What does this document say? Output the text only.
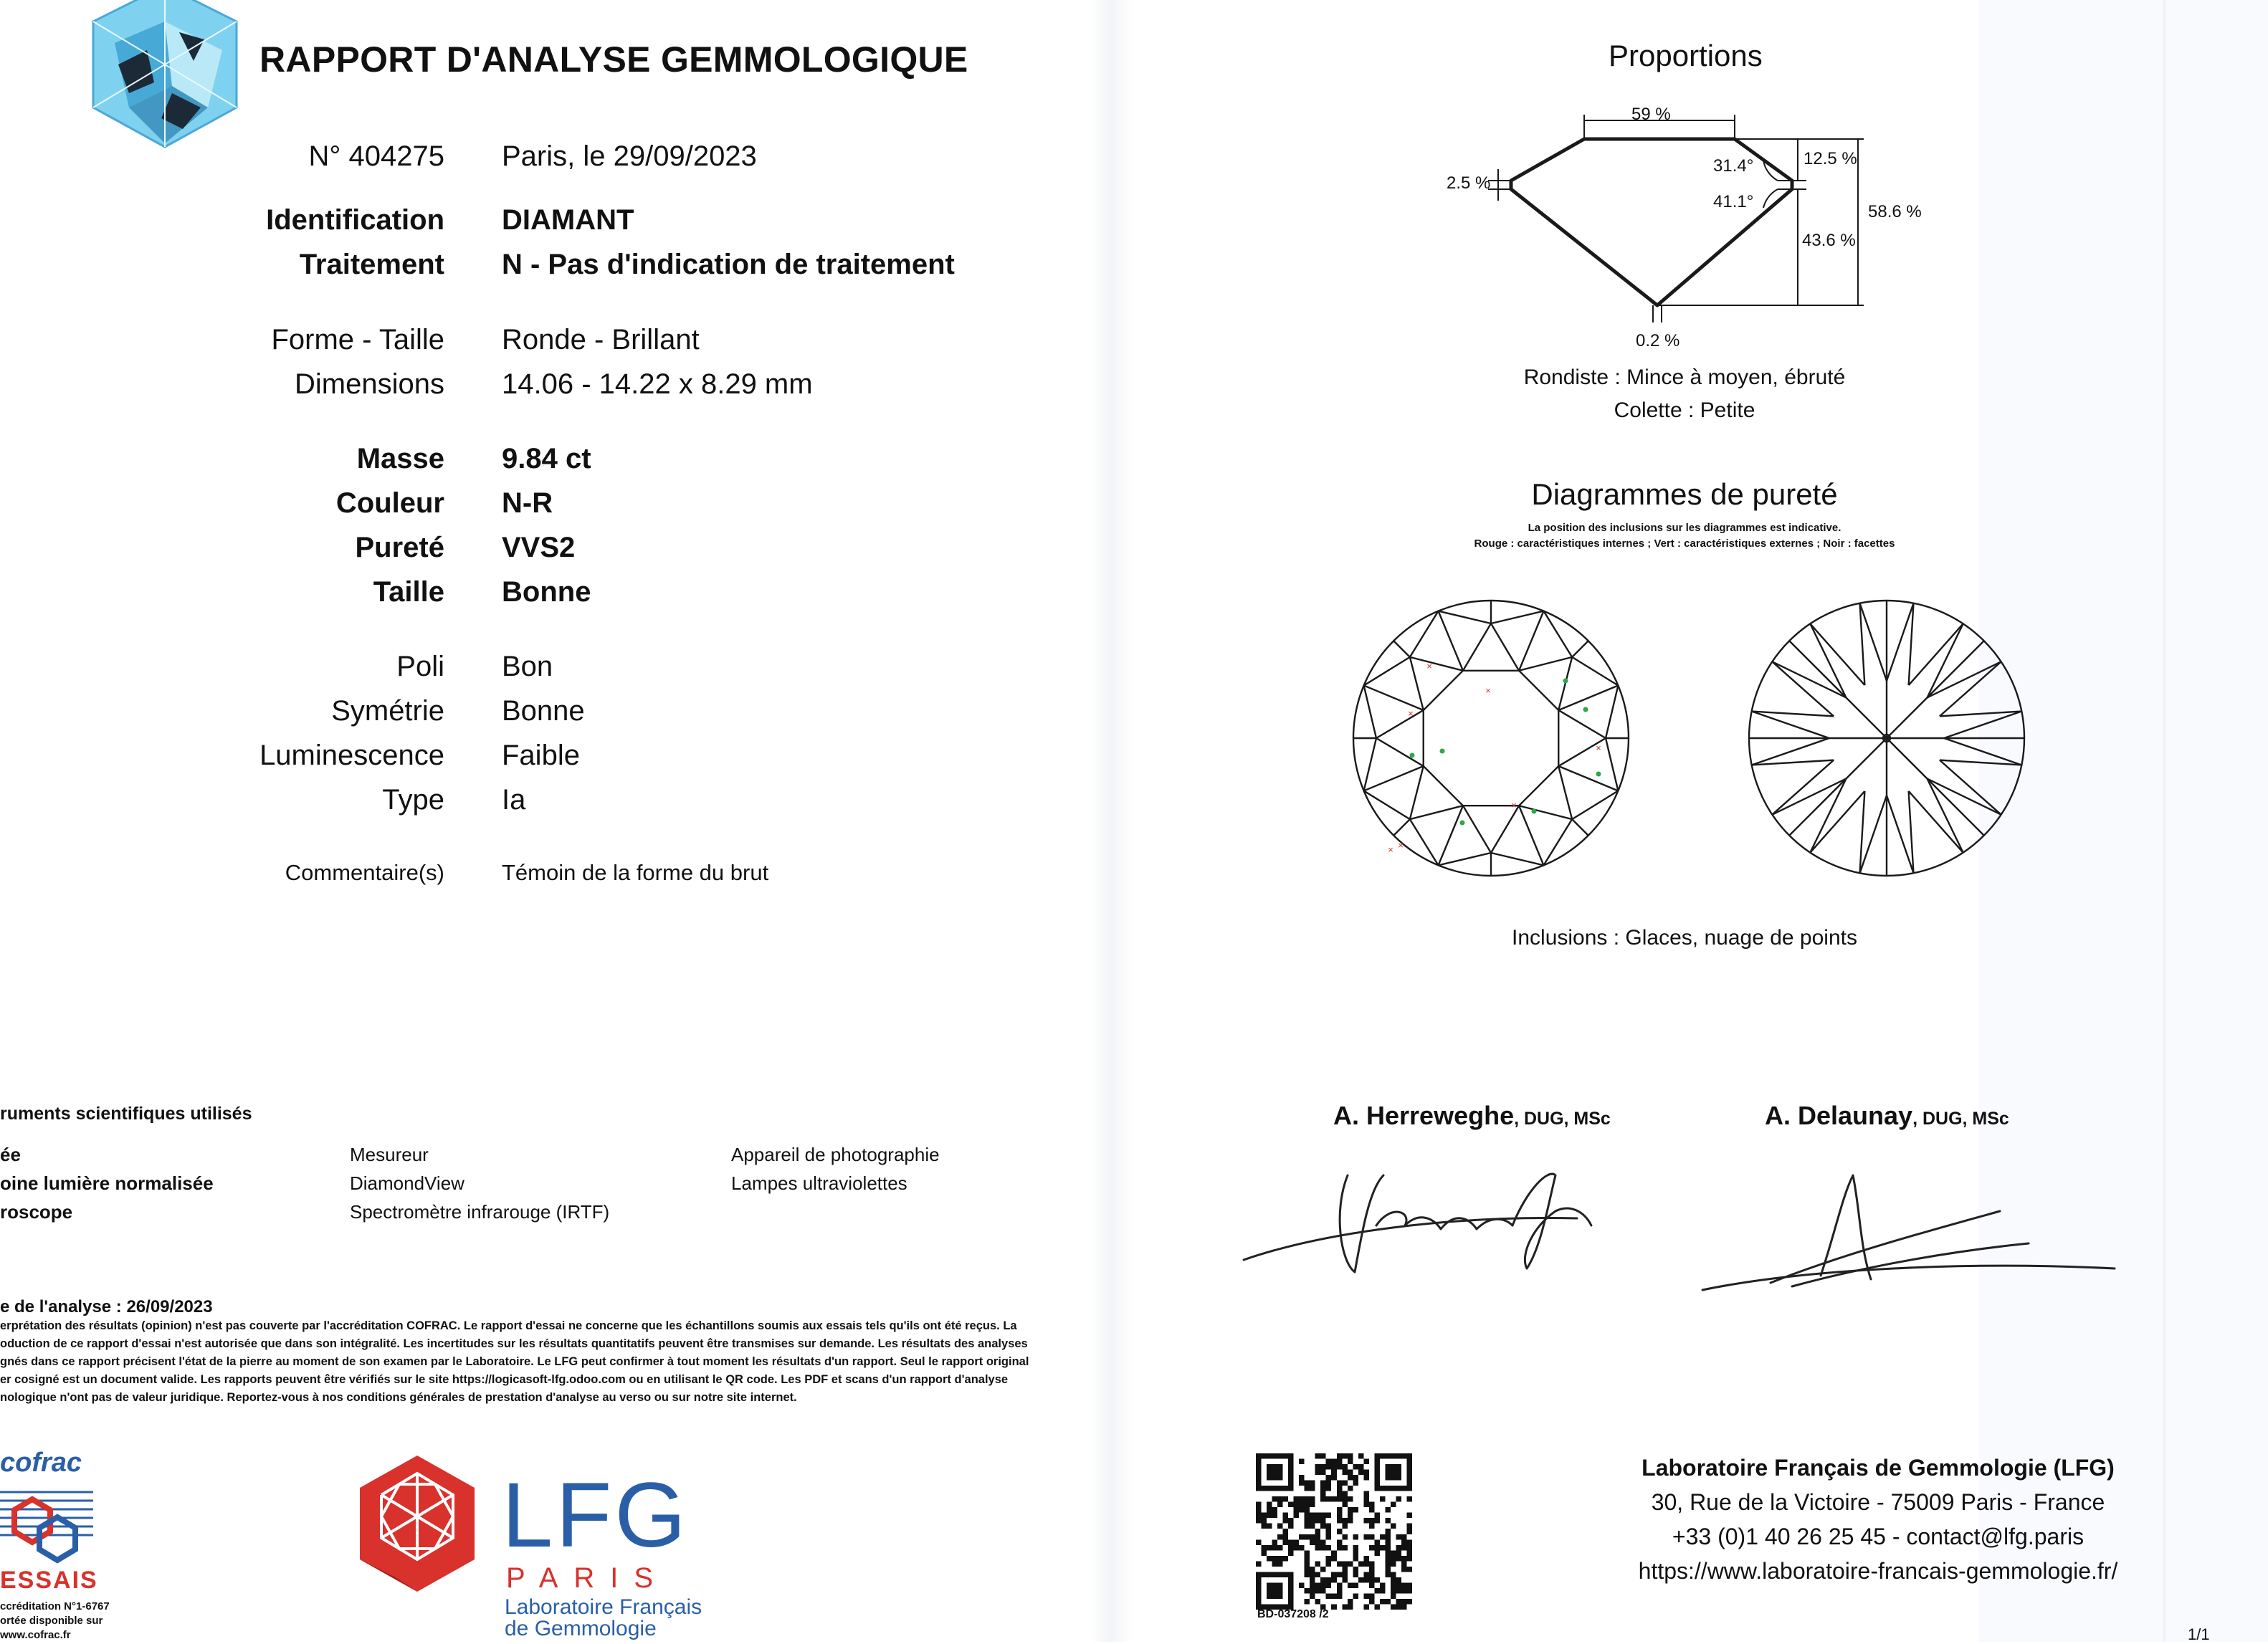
RAPPORT D'ANALYSE GEMMOLOGIQUE
N° 404275 Paris, le 29/09/2023
Identification DIAMANT
Traitement N - Pas d'indication de traitement
Forme - Taille Ronde - Brillant
Dimensions 14.06 - 14.22 x 8.29 mm
Masse 9.84 ct
Couleur N-R
Pureté VVS2
Taille Bonne
Poli Bon
Symétrie Bonne
Luminescence Faible
Type Ia
Commentaire(s)	Témoin de la forme du brut
ruments scientifiques utilisés
ée
oine lumière normalisée
roscope
Mesureur
DiamondView
Spectromètre infrarouge (IRTF)
Appareil de photographie
Lampes ultraviolettes
e de l'analyse : 26/09/2023
erprétation des résultats (opinion) n'est pas couverte par l'accréditation COFRAC. Le rapport d'essai ne concerne que les échantillons soumis aux essais tels qu'ils ont été reçus. La
oduction de ce rapport d'essai n'est autorisée que dans son intégralité. Les incertitudes sur les résultats quantitatifs peuvent être transmises sur demande. Les résultats des analyses
gnés dans ce rapport précisent l'état de la pierre au moment de son examen par le Laboratoire. Le LFG peut confirmer à tout moment les résultats d'un rapport. Seul le rapport original
er cosigné est un document valide. Les rapports peuvent être vérifiés sur le site https://logicasoft-lfg.odoo.com ou en utilisant le QR code. Les PDF et scans d'un rapport d'analyse
nologique n'ont pas de valeur juridique. Reportez-vous à nos conditions générales de prestation d'analyse au verso ou sur notre site internet.
cofrac
ESSAIS
ccréditation N°1-6767
ortée disponible sur
www.cofrac.fr
LFG
PARIS
Laboratoire Français
de Gemmologie
Proportions
59 %
2.5 %
31.4°
41.1°
12.5 %
43.6 %
58.6 %
0.2 %
Rondiste : Mince à moyen, ébruté
Colette : Petite
Diagrammes de pureté
La position des inclusions sur les diagrammes est indicative.
Rouge : caractéristiques internes ; Vert : caractéristiques externes ; Noir : facettes
×
×
×
×
×
× ×
Inclusions : Glaces, nuage de points
A. Herreweghe, DUG, MSc	A. Delaunay, DUG, MSc
BD-037208 /2
Laboratoire Français de Gemmologie (LFG)
30, Rue de la Victoire - 75009 Paris - France
+33 (0)1 40 26 25 45 - contact@lfg.paris
https://www.laboratoire-francais-gemmologie.fr/
1/1
